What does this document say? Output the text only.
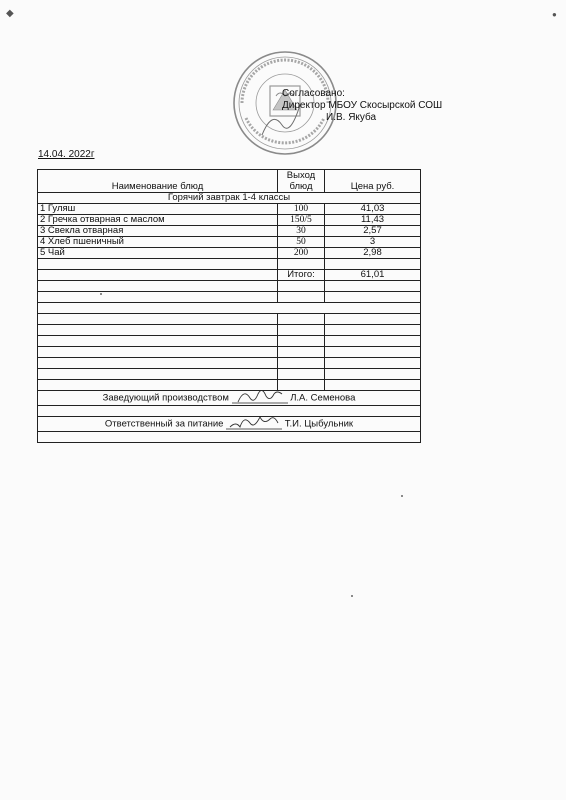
◆	●
Согласовано:
Директор МБОУ Скосырской СОШ
И.В. Якуба
14.04. 2022г
Наименование блюд	Выход блюд	Цена руб.
Горячий завтрак 1-4 классы		
1 Гуляш	100	41,03
2 Гречка отварная с маслом	150/5	11,43
3 Свекла отварная	30	2,57
4 Хлеб пшеничный	50	3
5 Чай	200	2,98

	Итого:	61,01

Заведующий производством Л.А. Семенова		

Ответственный за питание Т.И. Цыбульник		
